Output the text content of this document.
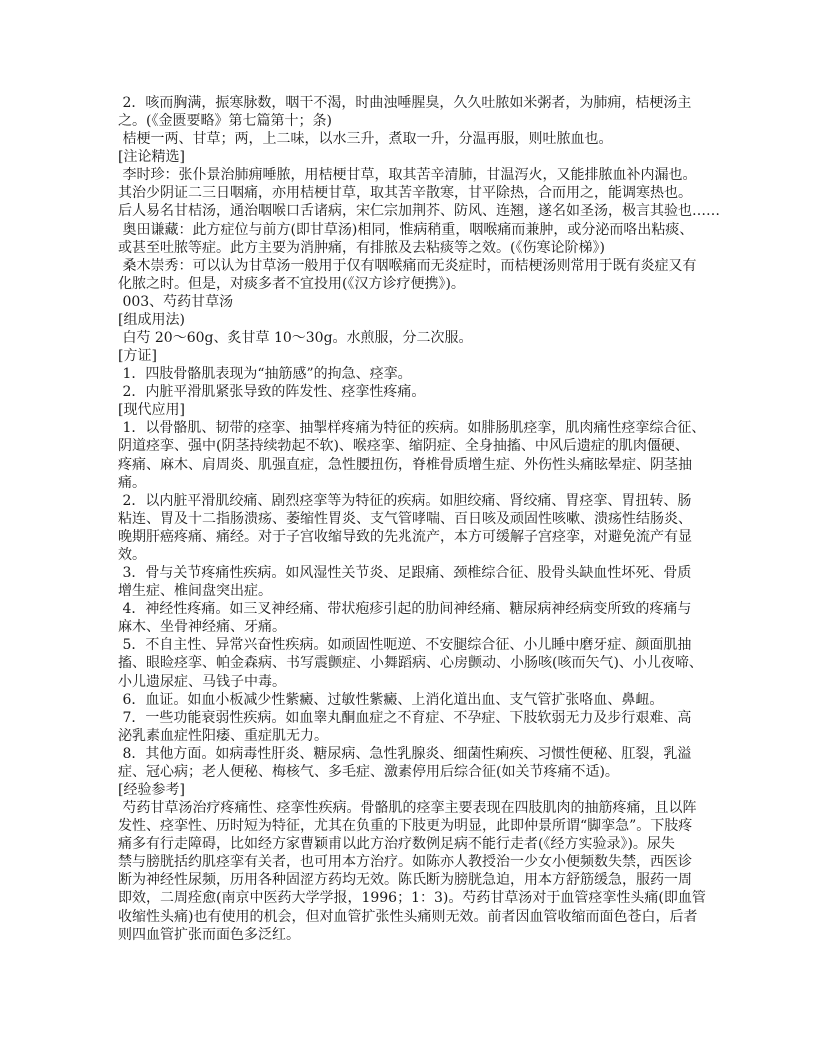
2．咳而胸满，振寒脉数，咽干不渴，时曲浊唾腥臭，久久吐脓如米粥者，为肺痈，桔梗汤主
之。(《金匮要略》第七篇第十；条)
桔梗一两、甘草；两，上二味，以水三升，煮取一升，分温再服，则吐脓血也。
[注论精选]
李时珍：张仆景治肺痈唾脓，用桔梗甘草，取其苦辛清肺，甘温泻火，又能排脓血补内漏也。
其治少阴证二三日咽痛，亦用桔梗甘草，取其苦辛散寒，甘平除热，合而用之，能调寒热也。
后人易名甘桔汤，通治咽喉口舌诸病，宋仁宗加荆芥、防风、连翘，遂名如圣汤，极言其验也……
奥田谦藏：此方症位与前方(即甘草汤)相同，惟病稍重，咽喉痛而兼肿，或分泌而咯出粘痰、
或甚至吐脓等症。此方主要为消肿痛，有排脓及去粘痰等之效。(《伤寒论阶梯》)
桑木崇秀：可以认为甘草汤一般用于仅有咽喉痛而无炎症时，而桔梗汤则常用于既有炎症又有
化脓之时。但是，对痰多者不宜投用(《汉方诊疗便携》)。
003、芍药甘草汤
[组成用法)
白芍 20～60g、炙甘草 10～30g。水煎服，分二次服。
[方证]
1．四肢骨骼肌表现为“抽筋感”的拘急、痉挛。
2．内脏平滑肌紧张导致的阵发性、痉挛性疼痛。
[现代应用]
1．以骨骼肌、韧带的痉挛、抽掣样疼痛为特征的疾病。如腓肠肌痉挛，肌肉痛性痉挛综合征、
阴道痉挛、强中(阴茎持续勃起不软)、喉痉挛、缩阴症、全身抽搐、中风后遗症的肌肉僵硬、
疼痛、麻木、肩周炎、肌强直症，急性腰扭伤，脊椎骨质增生症、外伤性头痛眩晕症、阴茎抽
痛。
2．以内脏平滑肌绞痛、剧烈痉挛等为特征的疾病。如胆绞痛、肾绞痛、胃痉挛、胃扭转、肠
粘连、胃及十二指肠溃疡、萎缩性胃炎、支气管哮喘、百日咳及顽固性咳嗽、溃疡性结肠炎、
晚期肝癌疼痛、痛经。对于子宫收缩导致的先兆流产，本方可缓解子宫痉挛，对避免流产有显
效。
3．骨与关节疼痛性疾病。如风湿性关节炎、足跟痛、颈椎综合征、股骨头缺血性坏死、骨质
增生症、椎间盘突出症。
4．神经性疼痛。如三叉神经痛、带状疱疹引起的肋间神经痛、糖尿病神经病变所致的疼痛与
麻木、坐骨神经痛、牙痛。
5．不自主性、异常兴奋性疾病。如顽固性呃逆、不安腿综合征、小儿睡中磨牙症、颜面肌抽
搐、眼睑痉挛、帕金森病、书写震颤症、小舞蹈病、心房颤动、小肠咳(咳而矢气)、小儿夜啼、
小儿遗尿症、马钱子中毒。
6．血证。如血小板减少性紫癜、过敏性紫癜、上消化道出血、支气管扩张咯血、鼻衄。
7．一些功能衰弱性疾病。如血睾丸酮血症之不育症、不孕症、下肢软弱无力及步行艰难、高
泌乳素血症性阳痿、重症肌无力。
8．其他方面。如病毒性肝炎、糖尿病、急性乳腺炎、细菌性痢疾、习惯性便秘、肛裂，乳溢
症、冠心病；老人便秘、梅核气、多毛症、激素停用后综合征(如关节疼痛不适)。
[经验参考]
芍药甘草汤治疗疼痛性、痉挛性疾病。骨骼肌的痉挛主要表现在四肢肌肉的抽筋疼痛，且以阵
发性、痉挛性、历时短为特征，尤其在负重的下肢更为明显，此即仲景所谓“脚挛急”。下肢疼
痛多有行走障碍，比如经方家曹颖甫以此方治疗数例足病不能行走者(《经方实验录》)。尿失
禁与膀胱括约肌痉挛有关者，也可用本方治疗。如陈亦人教授治一少女小便频数失禁，西医诊
断为神经性尿频，历用各种固涩方药均无效。陈氏断为膀胱急迫，用本方舒筋缓急，服药一周
即效，二周痊愈(南京中医药大学学报，1996；1：3)。芍药甘草汤对于血管痉挛性头痛(即血管
收缩性头痛)也有使用的机会，但对血管扩张性头痛则无效。前者因血管收缩而面色苍白，后者
则四血管扩张而面色多泛红。
